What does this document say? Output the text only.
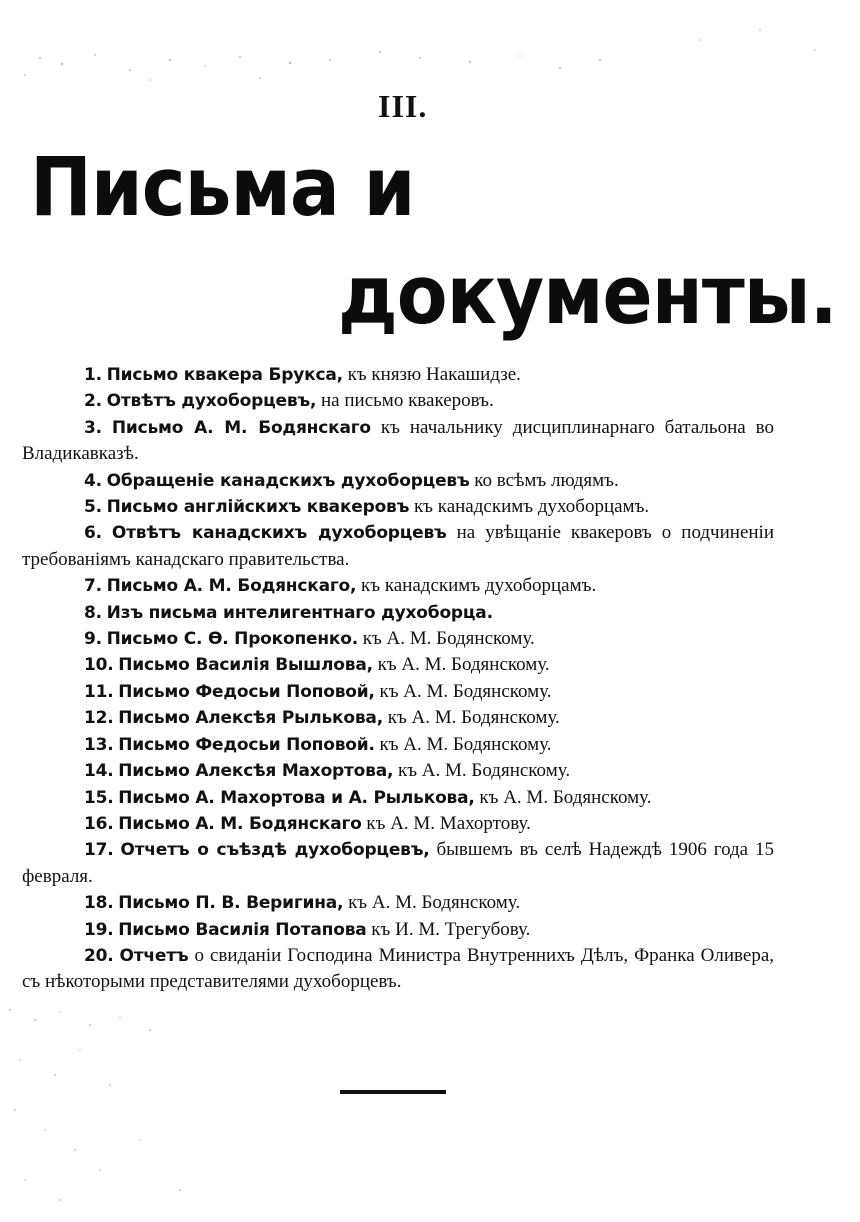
III.
Письма и
документы.

1. Письмо квакера Брукса, къ князю Накашидзе.

2. Отвѣтъ духоборцевъ, на письмо квакеровъ.

3. Письмо А. М. Бодянскаго къ начальнику дисциплинарнаго батальона во Владикавказѣ.

4. Обращеніе канадскихъ духоборцевъ ко всѣмъ людямъ.

5. Письмо англійскихъ квакеровъ къ канадскимъ духоборцамъ.

6. Отвѣтъ канадскихъ духоборцевъ на увѣщаніе квакеровъ о подчиненіи требованіямъ канадскаго правительства.

7. Письмо А. М. Бодянскаго, къ канадскимъ духоборцамъ.

8. Изъ письма интелигентнаго духоборца.

9. Письмо С. Ѳ. Прокопенко. къ А. М. Бодянскому.

10. Письмо Василія Вышлова, къ А. М. Бодянскому.

11. Письмо Федосьи Поповой, къ А. М. Бодянскому.

12. Письмо Алексѣя Рылькова, къ А. М. Бодянскому.

13. Письмо Федосьи Поповой. къ А. М. Бодянскому.

14. Письмо Алексѣя Махортова, къ А. М. Бодянскому.

15. Письмо А. Махортова и А. Рылькова, къ А. М. Бодянскому.

16. Письмо А. М. Бодянскаго къ А. М. Махортову.

17. Отчетъ о съѣздѣ духоборцевъ, бывшемъ въ селѣ Надеждѣ 1906 года 15 февраля.

18. Письмо П. В. Веригина, къ А. М. Бодянскому.

19. Письмо Василія Потапова къ И. М. Трегубову.

20. Отчетъ о свиданіи Господина Министра Внутреннихъ Дѣлъ, Франка Оливера, съ нѣкоторыми представителями духоборцевъ.
